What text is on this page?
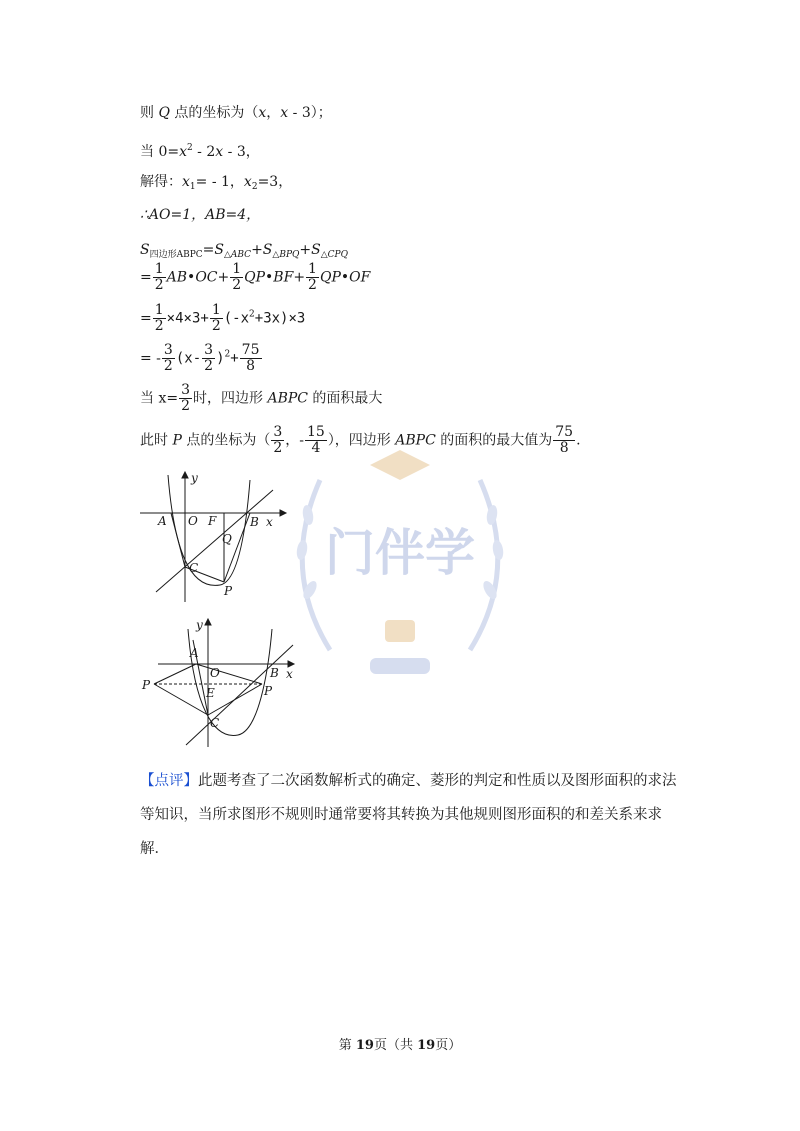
门伴学
则 Q 点的坐标为（x，x - 3）；
当 $0=x^2 - 2x - 3$，
解得：$x_1= - 1$，$x_2=3$，
∴AO=1，AB=4，
$S_{四边形ABPC}=S_{\triangle ABC}+S_{\triangle BPQ}+S_{\triangle CPQ}$
= $\frac{1}{2}$ AB•OC+ $\frac{1}{2}$ QP•BF+ $\frac{1}{2}$ QP•OF
= $\frac{1}{2} \times 4\times 3+ \frac{1}{2} (-x^2+3x)\times 3$
= - $\frac{3}{2} (x- \frac{3}{2} )^2+ \frac{75}{8}$
当 $x= \frac{3}{2}$ 时，四边形 ABPC 的面积最大
此时 P 点的坐标为（ $\frac{3}{2}$ ，- $\frac{15}{4}$ ），四边形 ABPC 的面积的最大值为 $\frac{75}{8}$ .
y
x
A O F	B
Q
C
P
y
x
A
O	B
P
E	P
C
【点评】此题考查了二次函数解析式的确定、菱形的判定和性质以及图形面积的求法等知识，当所求图形不规则时通常要将其转换为其他规则图形面积的和差关系来求解．
第 19页（共 19页）
